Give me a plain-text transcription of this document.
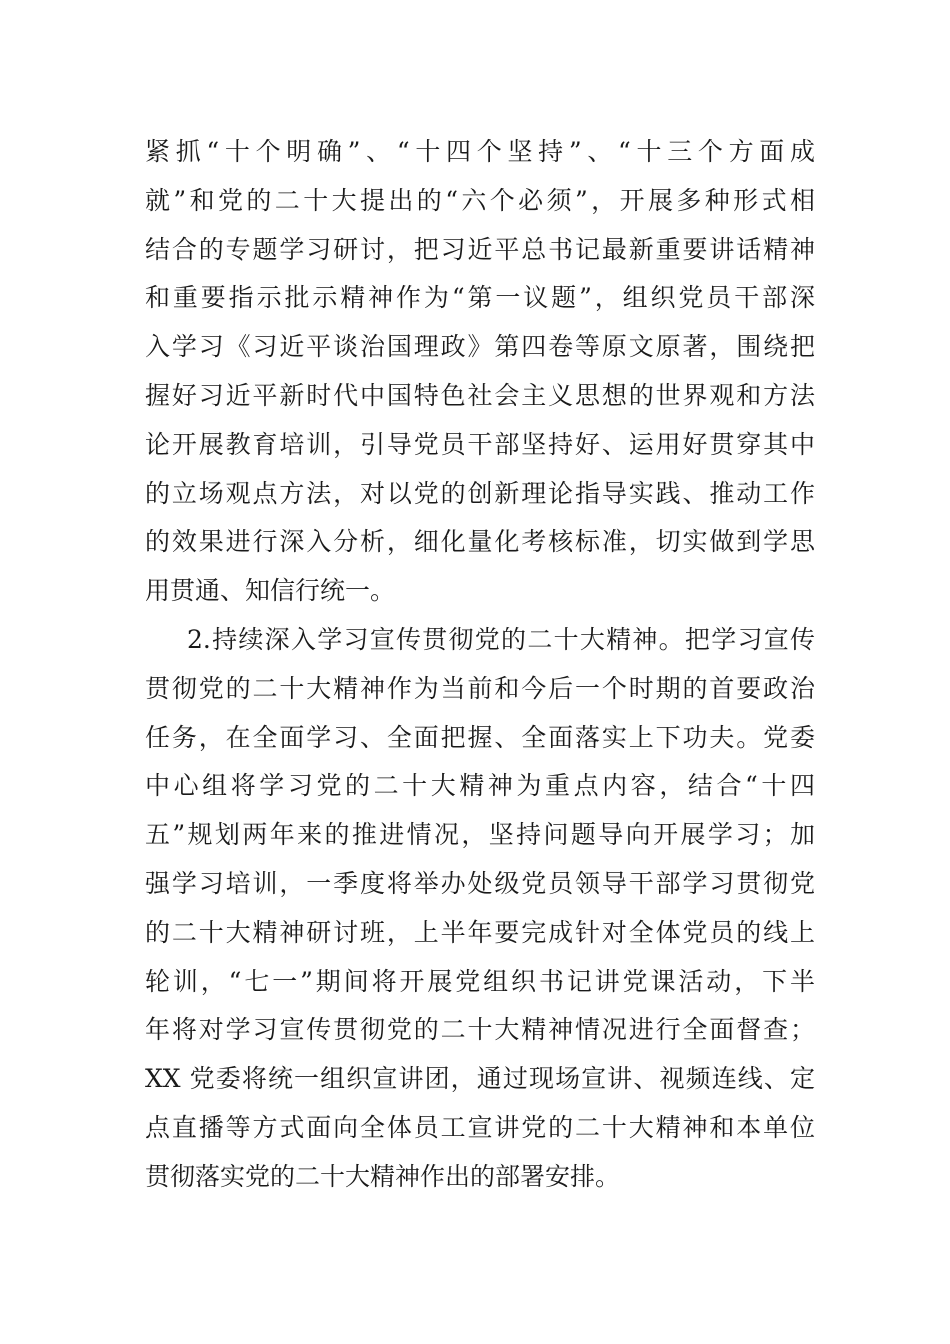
紧抓“十个明确”、“十四个坚持”、“十三个方面成
就”和党的二十大提出的“六个必须”，开展多种形式相
结合的专题学习研讨，把习近平总书记最新重要讲话精神
和重要指示批示精神作为“第一议题”，组织党员干部深
入学习《习近平谈治国理政》第四卷等原文原著，围绕把
握好习近平新时代中国特色社会主义思想的世界观和方法
论开展教育培训，引导党员干部坚持好、运用好贯穿其中
的立场观点方法，对以党的创新理论指导实践、推动工作
的效果进行深入分析，细化量化考核标准，切实做到学思
用贯通、知信行统一。
2.持续深入学习宣传贯彻党的二十大精神。把学习宣传
贯彻党的二十大精神作为当前和今后一个时期的首要政治
任务，在全面学习、全面把握、全面落实上下功夫。党委
中心组将学习党的二十大精神为重点内容，结合“十四
五”规划两年来的推进情况，坚持问题导向开展学习；加
强学习培训，一季度将举办处级党员领导干部学习贯彻党
的二十大精神研讨班，上半年要完成针对全体党员的线上
轮训，“七一”期间将开展党组织书记讲党课活动，下半
年将对学习宣传贯彻党的二十大精神情况进行全面督查；
XX 党委将统一组织宣讲团，通过现场宣讲、视频连线、定
点直播等方式面向全体员工宣讲党的二十大精神和本单位
贯彻落实党的二十大精神作出的部署安排。
